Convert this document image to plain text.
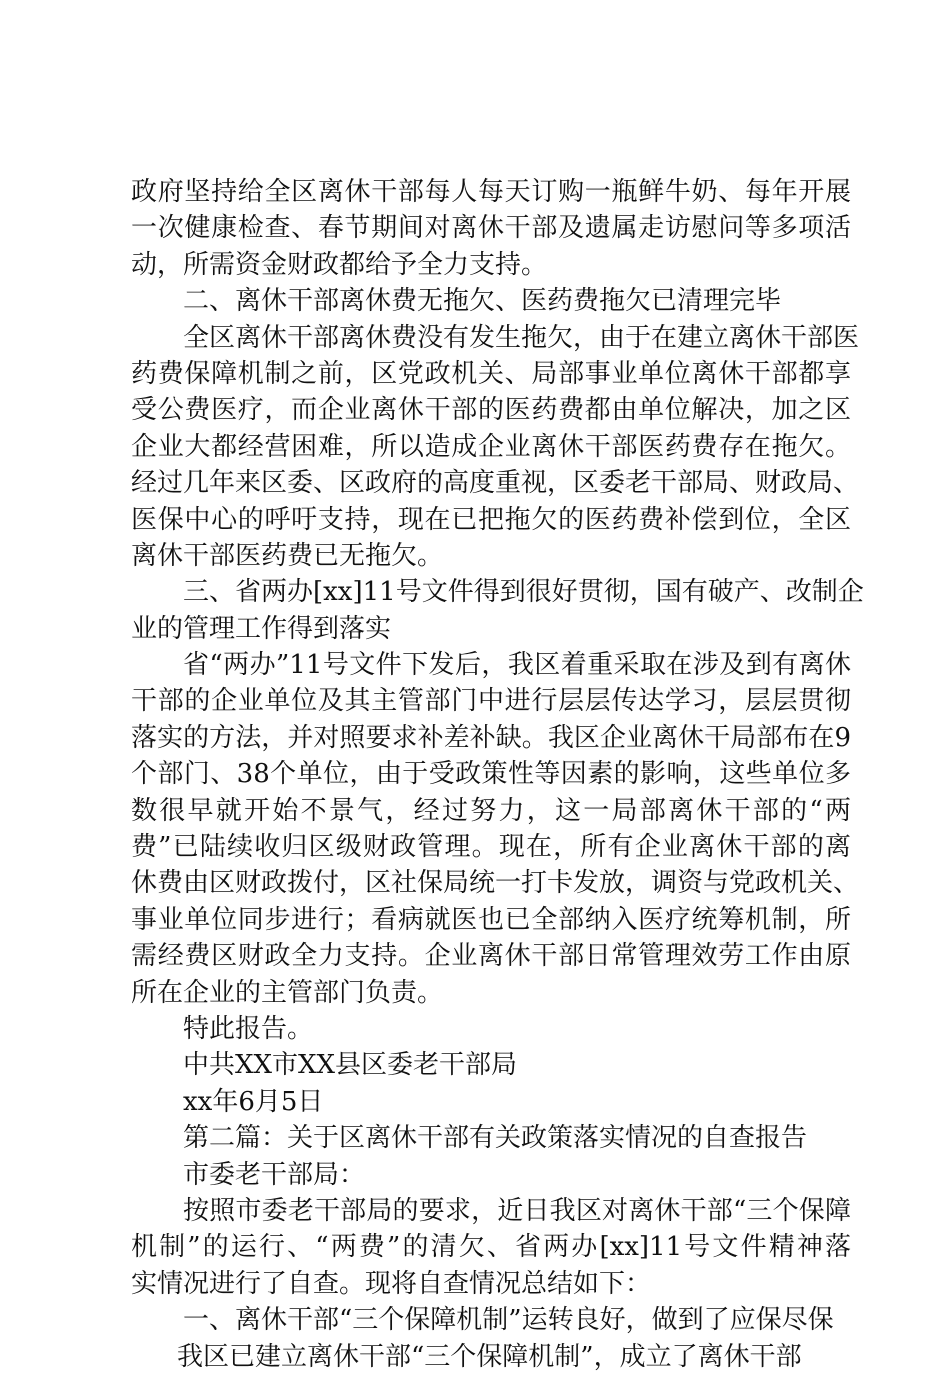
政府坚持给全区离休干部每人每天订购一瓶鲜牛奶、每年开展
一次健康检查、春节期间对离休干部及遗属走访慰问等多项活
动，所需资金财政都给予全力支持。
二、离休干部离休费无拖欠、医药费拖欠已清理完毕
全区离休干部离休费没有发生拖欠，由于在建立离休干部医
药费保障机制之前，区党政机关、局部事业单位离休干部都享
受公费医疗，而企业离休干部的医药费都由单位解决，加之区
企业大都经营困难，所以造成企业离休干部医药费存在拖欠。
经过几年来区委、区政府的高度重视，区委老干部局、财政局、
医保中心的呼吁支持，现在已把拖欠的医药费补偿到位，全区
离休干部医药费已无拖欠。
三、省两办[xx]11号文件得到很好贯彻，国有破产、改制企
业的管理工作得到落实
省“两办”11号文件下发后，我区着重采取在涉及到有离休
干部的企业单位及其主管部门中进行层层传达学习，层层贯彻
落实的方法，并对照要求补差补缺。我区企业离休干局部布在9
个部门、38个单位，由于受政策性等因素的影响，这些单位多
数很早就开始不景气，经过努力，这一局部离休干部的“两
费”已陆续收归区级财政管理。现在，所有企业离休干部的离
休费由区财政拨付，区社保局统一打卡发放，调资与党政机关、
事业单位同步进行；看病就医也已全部纳入医疗统筹机制，所
需经费区财政全力支持。企业离休干部日常管理效劳工作由原
所在企业的主管部门负责。
特此报告。
中共XX市XX县区委老干部局
xx年6月5日
第二篇：关于区离休干部有关政策落实情况的自查报告
市委老干部局：
按照市委老干部局的要求，近日我区对离休干部“三个保障
机制”的运行、“两费”的清欠、省两办[xx]11号文件精神落
实情况进行了自查。现将自查情况总结如下：
一、离休干部“三个保障机制”运转良好，做到了应保尽保
我区已建立离休干部“三个保障机制”，成立了离休干部
